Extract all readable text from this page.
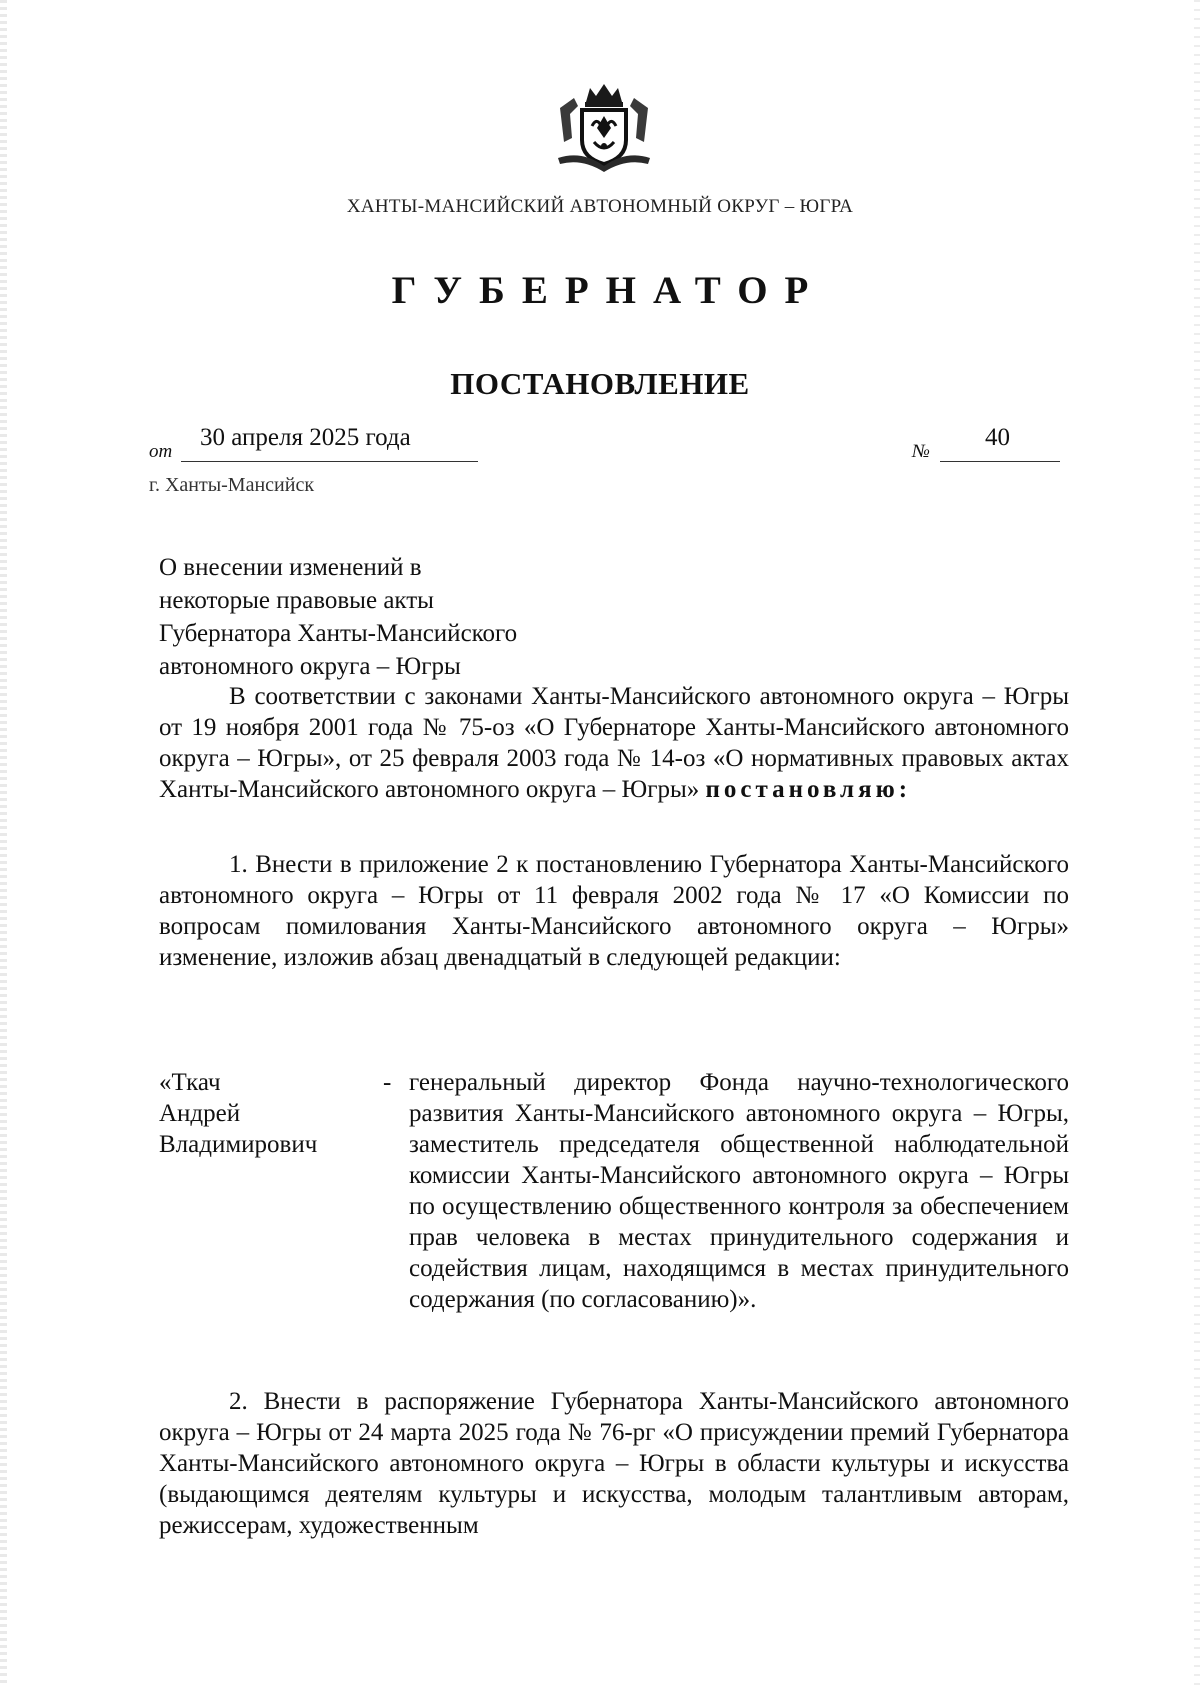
ХАНТЫ-МАНСИЙСКИЙ АВТОНОМНЫЙ ОКРУГ – ЮГРА
ГУБЕРНАТОР
ПОСТАНОВЛЕНИЕ
от
30 апреля 2025 года
№
40
г. Ханты-Мансийск
О внесении изменений в
некоторые правовые акты
Губернатора Ханты-Мансийского
автономного округа – Югры

В соответствии с законами Ханты-Мансийского автономного округа – Югры от 19 ноября 2001 года № 75-оз «О Губернаторе Ханты-Мансийского автономного округа – Югры», от 25 февраля 2003 года № 14-оз «О нормативных правовых актах Ханты-Мансийского автономного округа – Югры» постановляю:

1. Внести в приложение 2 к постановлению Губернатора Ханты-Мансийского автономного округа – Югры от 11 февраля 2002 года № 17 «О Комиссии по вопросам помилования Ханты-Мансийского автономного округа – Югры» изменение, изложив абзац двенадцатый в следующей редакции:

«Ткач
Андрей
Владимирович
- генеральный директор Фонда научно-технологического развития Ханты-Мансийского автономного округа – Югры, заместитель председателя общественной наблюдательной комиссии Ханты-Мансийского автономного округа – Югры по осуществлению общественного контроля за обеспечением прав человека в местах принудительного содержания и содействия лицам, находящимся в местах принудительного содержания (по согласованию)».

2. Внести в распоряжение Губернатора Ханты-Мансийского автономного округа – Югры от 24 марта 2025 года № 76-рг «О присуждении премий Губернатора Ханты-Мансийского автономного округа – Югры в области культуры и искусства (выдающимся деятелям культуры и искусства, молодым талантливым авторам, режиссерам, художественным
